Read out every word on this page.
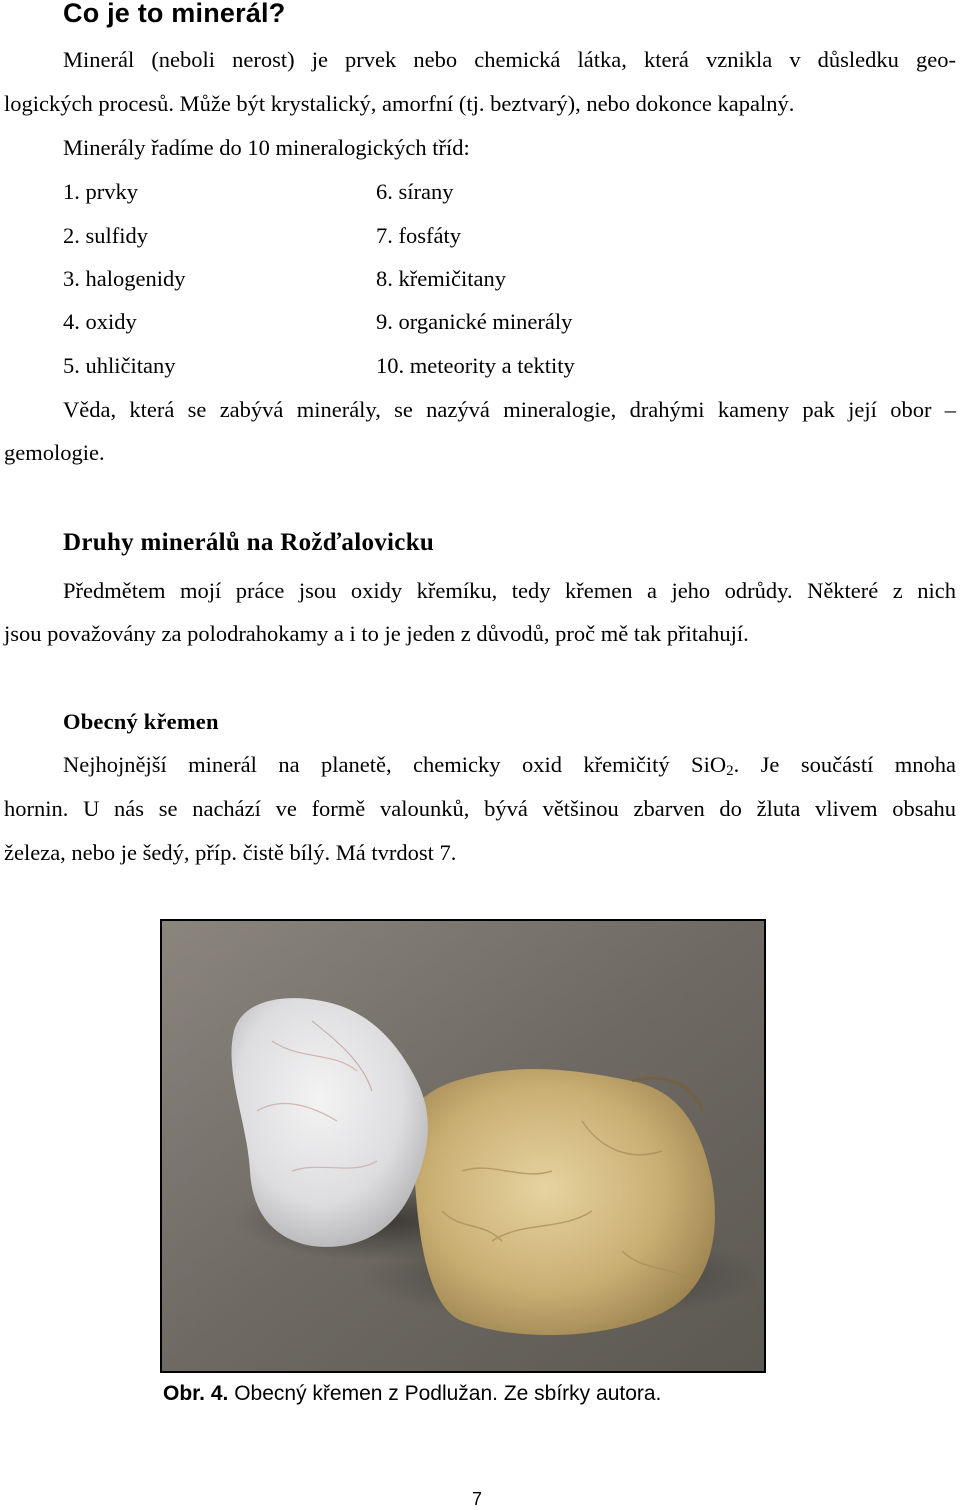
Co je to minerál?
Minerál (neboli nerost) je prvek nebo chemická látka, která vznikla v důsledku geo-
logických procesů. Může být krystalický, amorfní (tj. beztvarý), nebo dokonce kapalný.
Minerály řadíme do 10 mineralogických tříd:
1. prvky
2. sulfidy
3. halogenidy
4. oxidy
5. uhličitany
6. sírany
7. fosfáty
8. křemičitany
9. organické minerály
10. meteority a tektity
Věda, která se zabývá minerály, se nazývá mineralogie, drahými kameny pak její obor –
gemologie.
Druhy minerálů na Rožďalovicku
Předmětem mojí práce jsou oxidy křemíku, tedy křemen a jeho odrůdy. Některé z nich
jsou považovány za polodrahokamy a i to je jeden z důvodů, proč mě tak přitahují.
Obecný křemen
Nejhojnější minerál na planetě, chemicky oxid křemičitý SiO$_2$. Je součástí mnoha
hornin. U nás se nachází ve formě valounků, bývá většinou zbarven do žluta vlivem obsahu
železa, nebo je šedý, příp. čistě bílý. Má tvrdost 7.
Obr. 4. Obecný křemen z Podlužan. Ze sbírky autora.
7
